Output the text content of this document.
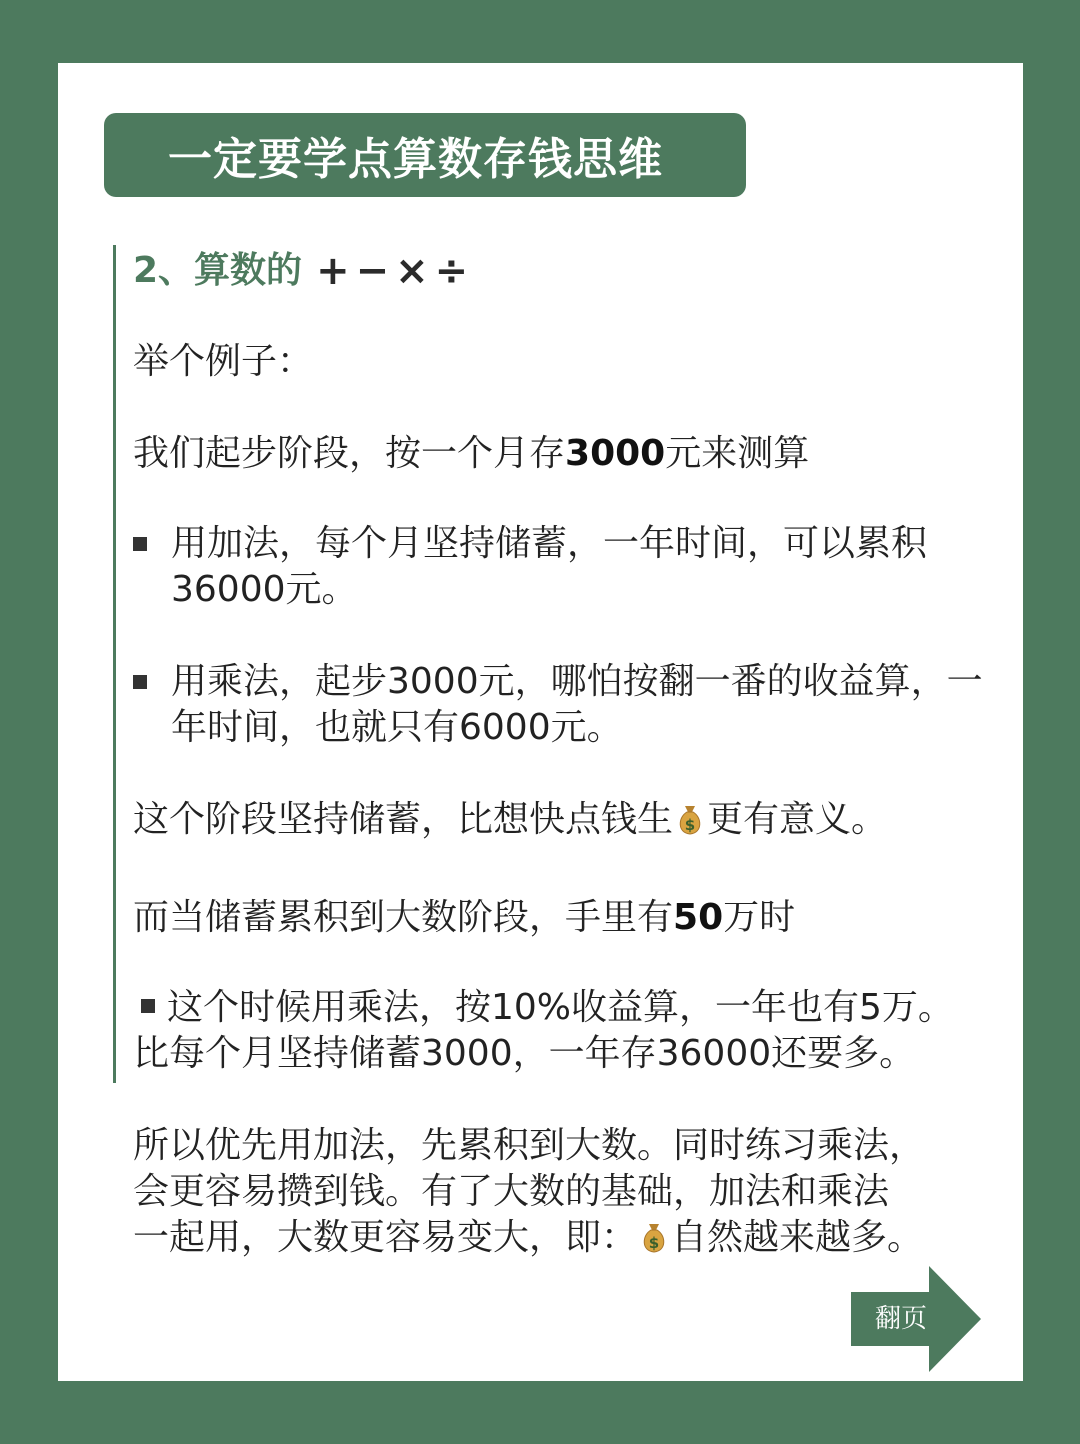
一定要学点算数存钱思维
2、算数的 + − × ÷

举个例子：

我们起步阶段，按一个月存3000元来测算

用加法，每个月坚持储蓄，一年时间，可以累积36000元。
用乘法，起步3000元，哪怕按翻一番的收益算，一年时间，也就只有6000元。

这个阶段坚持储蓄，比想快点钱生 $ 更有意义。

而当储蓄累积到大数阶段，手里有50万时

这个时候用乘法，按10%收益算，一年也有5万。

比每个月坚持储蓄3000，一年存36000还要多。

所以优先用加法，先累积到大数。同时练习乘法，

会更容易攒到钱。有了大数的基础，加法和乘法

一起用，大数更容易变大，即： $ 自然越来越多。

翻页
